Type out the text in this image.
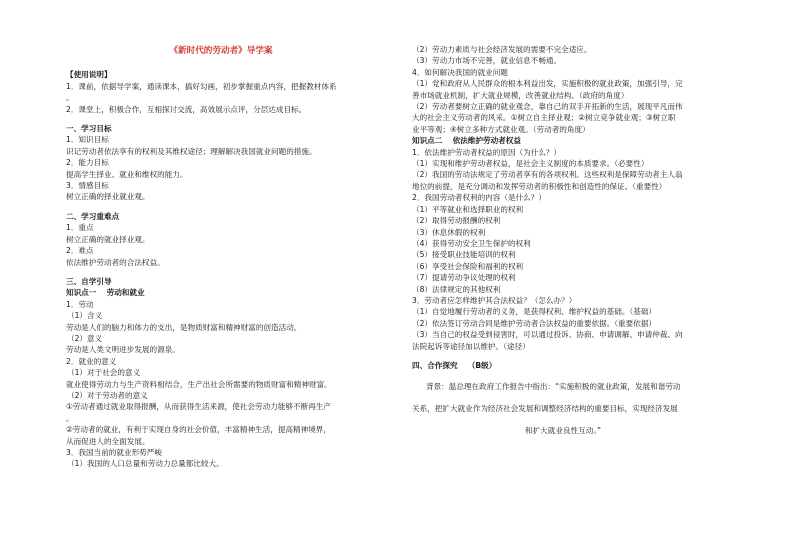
《新时代的劳动者》导学案
【使用说明】
1．课前，依据导学案，通读课本，搞好勾画，初步掌握重点内容，把握教材体系
。
2．课堂上，积极合作，互相探讨交流，高效展示点评，分层达成目标。
一、学习目标
1．知识目标
识记劳动者依法享有的权利及其维权途径；理解解决我国就业问题的措施。
2．能力目标
提高学生择业、就业和维权的能力。
3．情感目标
树立正确的择业就业观。
二、学习重难点
1．重点
树立正确的就业择业观。
2．难点
依法维护劳动者的合法权益。
三、自学引导
知识点一　 劳动和就业
1．劳动
（1）含义
劳动是人们的脑力和体力的支出，是物质财富和精神财富的创造活动。
（2）意义
劳动是人类文明进步发展的源泉。
2．就业的意义
（1）对于社会的意义
就业使得劳动力与生产资料相结合，生产出社会所需要的物质财富和精神财富。
（2）对于劳动者的意义
①劳动者通过就业取得报酬，从而获得生活来源，使社会劳动力能够不断再生产
。
②劳动者的就业，有利于实现自身的社会价值，丰富精神生活，提高精神境界，
从而促进人的全面发展。
3．我国当前的就业形势严峻
（1）我国的人口总量和劳动力总量都比较大。
（2）劳动力素质与社会经济发展的需要不完全适应。
（3）劳动力市场不完善，就业信息不畅通。
4．如何解决我国的就业问题
（1）党和政府从人民群众的根本利益出发，实施积极的就业政策，加强引导，完
善市场就业机制，扩大就业规模，改善就业结构。（政府的角度）
（2）劳动者要树立正确的就业观念，靠自己的双手开拓新的生活，展现平凡而伟
大的社会主义劳动者的风采。①树立自主择业观；②树立竞争就业观；③树立职
业平等观；④树立多种方式就业观。（劳动者的角度）
知识点二　 依法维护劳动者权益
1．依法维护劳动者权益的原因（为什么？）
（1）实现和维护劳动者权益，是社会主义制度的本质要求。（必要性）
（2）我国的劳动法规定了劳动者享有的各项权利。这些权利是保障劳动者主人翁
地位的前提，是充分调动和发挥劳动者的积极性和创造性的保证。（重要性）
2．我国劳动者权利的内容（是什么？）
（1）平等就业和选择职业的权利
（2）取得劳动报酬的权利
（3）休息休假的权利
（4）获得劳动安全卫生保护的权利
（5）接受职业技能培训的权利
（6）享受社会保险和福利的权利
（7）提请劳动争议处理的权利
（8）法律规定的其他权利
3．劳动者应怎样维护其合法权益？（怎么办？）
（1）自觉地履行劳动者的义务，是获得权利、维护权益的基础。（基础）
（2）依法签订劳动合同是维护劳动者合法权益的重要依据。（重要依据）
（3）当自己的权益受到侵害时，可以通过投诉、协商、申请调解、申请仲裁、向
法院起诉等途径加以维护。（途径）
四、合作探究　 （B级）
背景：温总理在政府工作报告中指出：“实施积极的就业政策，发展和谐劳动
关系，把扩大就业作为经济社会发展和调整经济结构的重要目标，实现经济发展
和扩大就业良性互动。”
